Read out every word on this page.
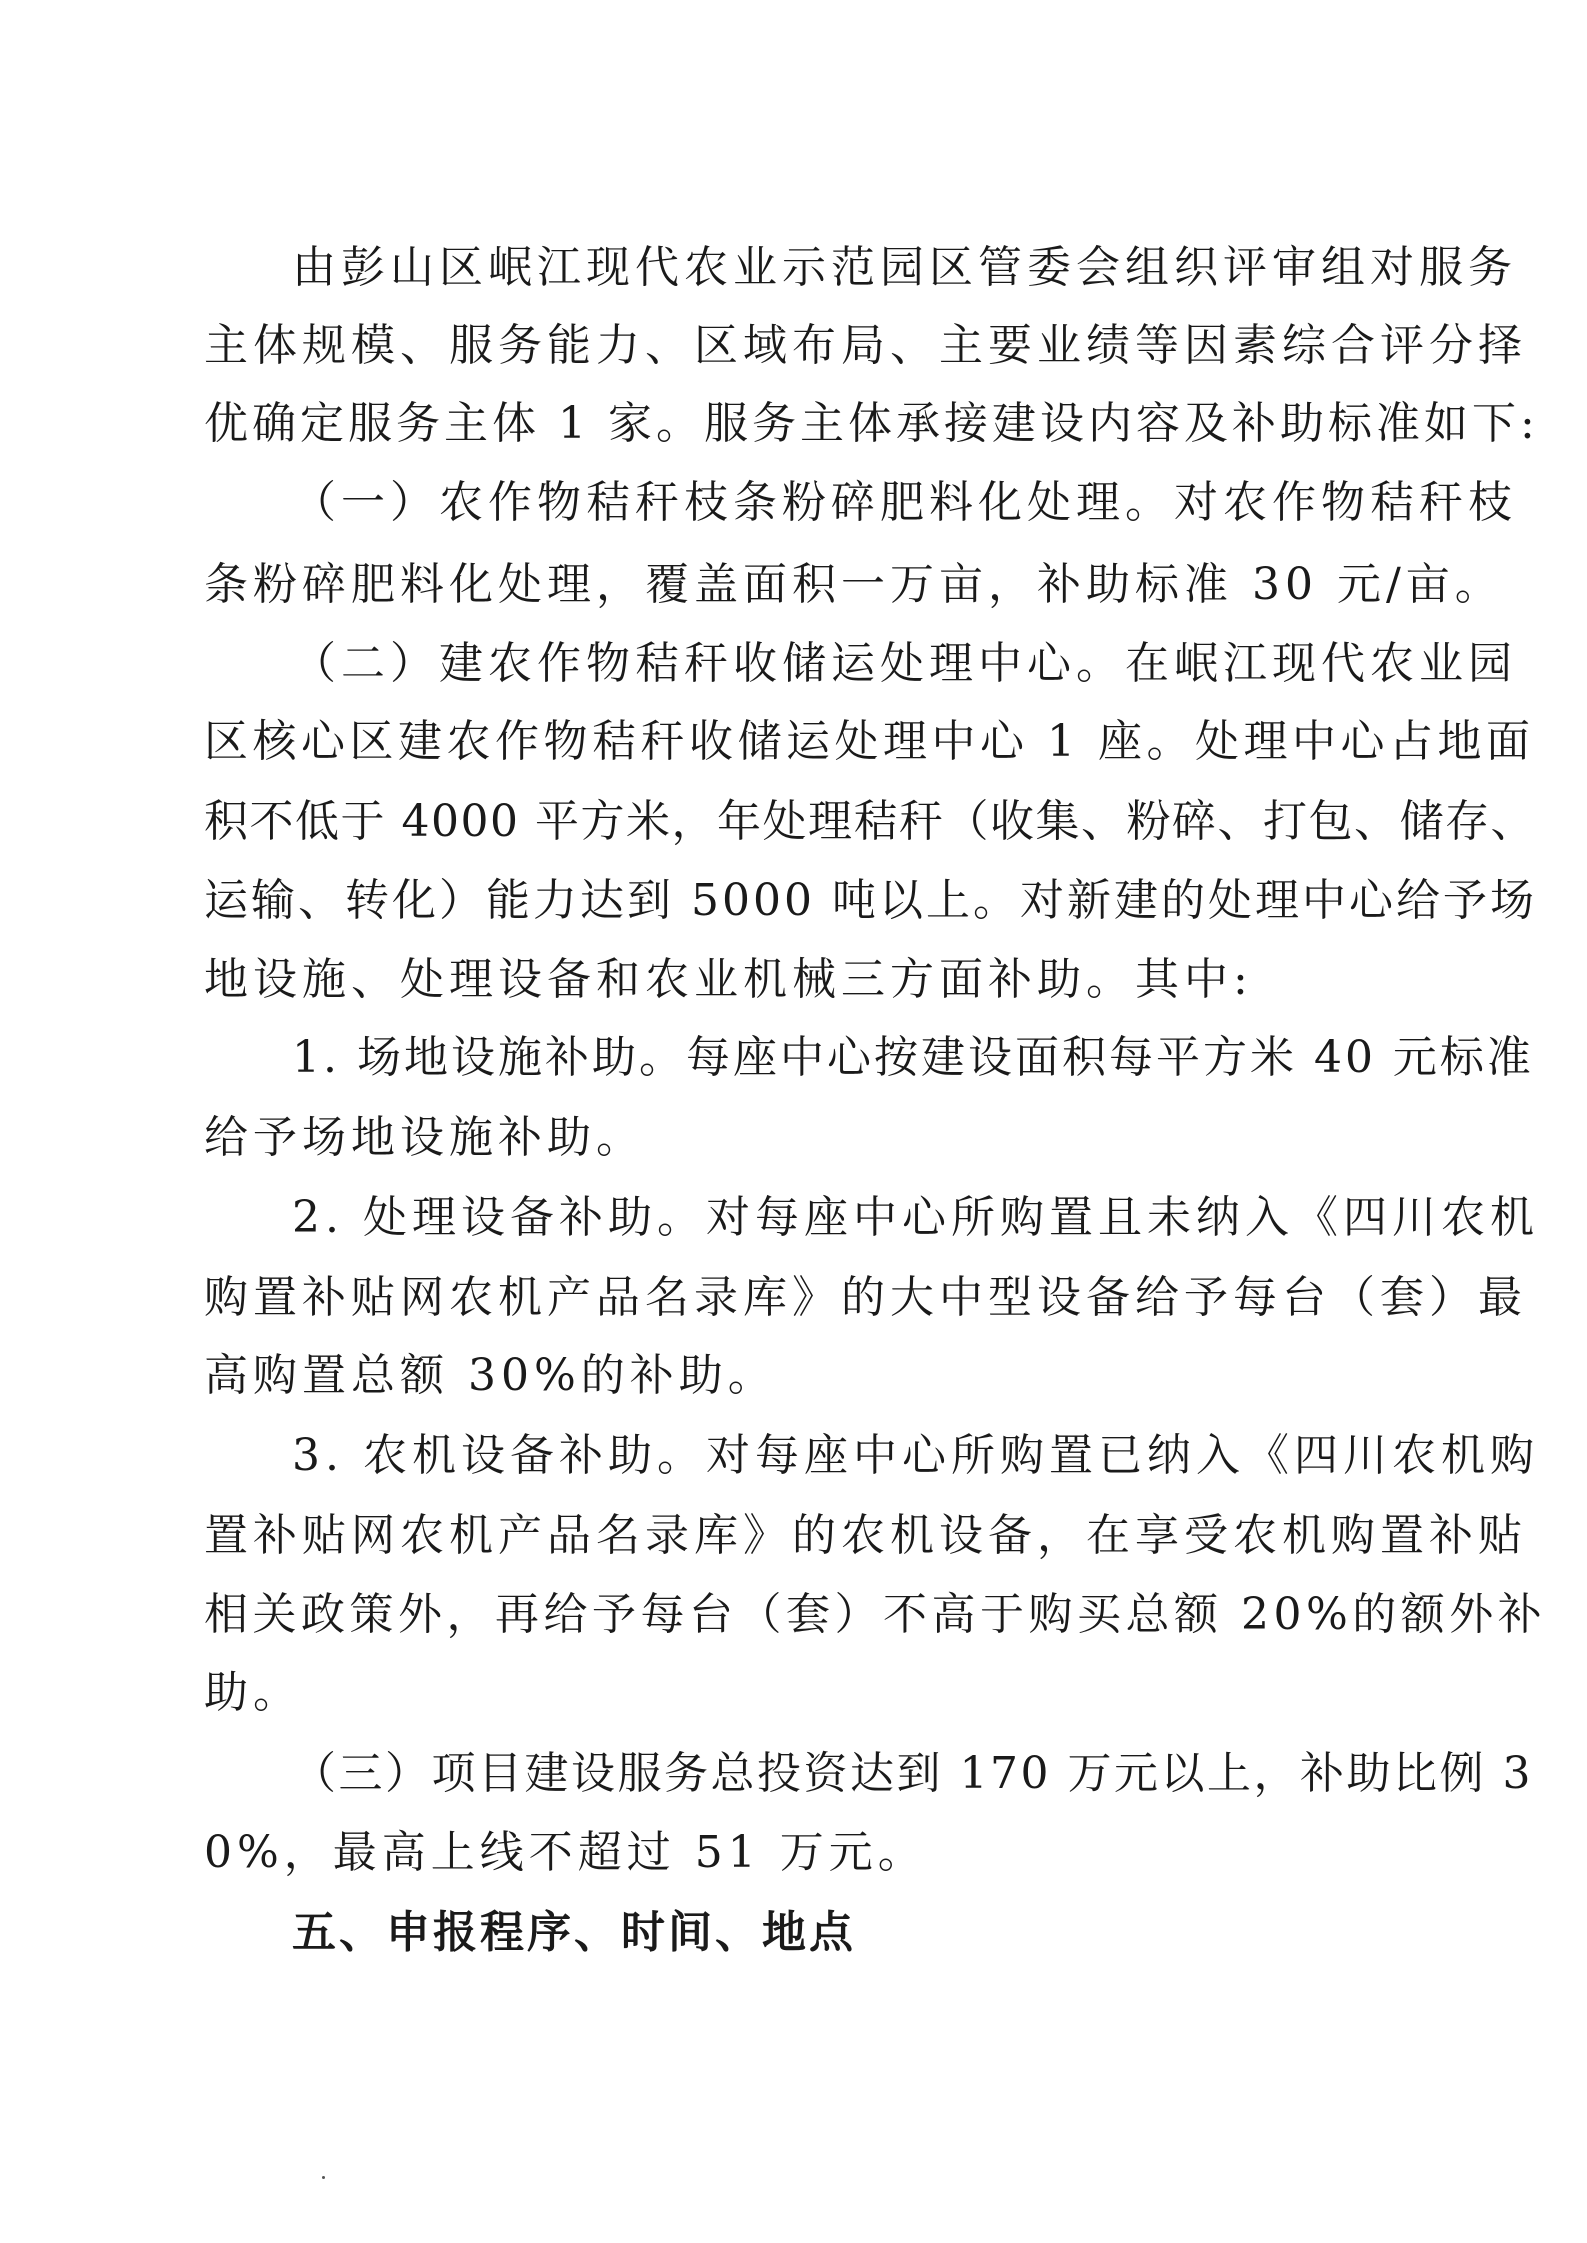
由彭山区岷江现代农业示范园区管委会组织评审组对服务
主体规模、服务能力、区域布局、主要业绩等因素综合评分择
优确定服务主体 1 家。服务主体承接建设内容及补助标准如下:
（一）农作物秸秆枝条粉碎肥料化处理。对农作物秸秆枝
条粉碎肥料化处理，覆盖面积一万亩，补助标准 30 元/亩。
（二）建农作物秸秆收储运处理中心。在岷江现代农业园
区核心区建农作物秸秆收储运处理中心 1 座。处理中心占地面
积不低于 4000 平方米，年处理秸秆（收集、粉碎、打包、储存、
运输、转化）能力达到 5000 吨以上。对新建的处理中心给予场
地设施、处理设备和农业机械三方面补助。其中:
1. 场地设施补助。每座中心按建设面积每平方米 40 元标准
给予场地设施补助。
2. 处理设备补助。对每座中心所购置且未纳入《四川农机
购置补贴网农机产品名录库》的大中型设备给予每台（套）最
高购置总额 30%的补助。
3. 农机设备补助。对每座中心所购置已纳入《四川农机购
置补贴网农机产品名录库》的农机设备，在享受农机购置补贴
相关政策外，再给予每台（套）不高于购买总额 20%的额外补
助。
（三）项目建设服务总投资达到 170 万元以上，补助比例 3
0%，最高上线不超过 51 万元。
五、申报程序、时间、地点
